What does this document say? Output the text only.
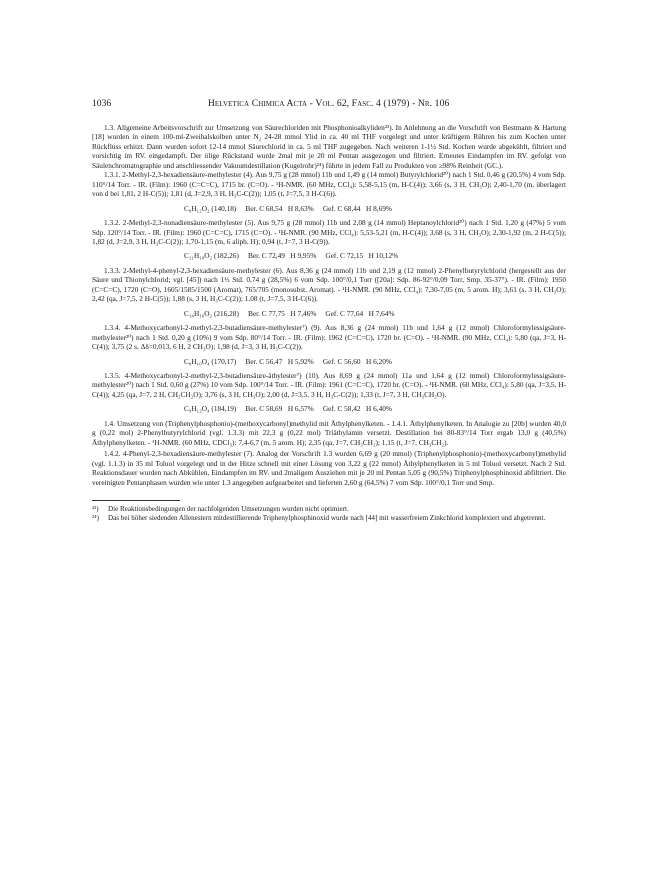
1036	Helvetica Chimica Acta - Vol. 62, Fasc. 4 (1979) - Nr. 106

1.3. Allgemeine Arbeitsvorschrift zur Umsetzung von Säurechloriden mit Phosphonioalkyliden²³). In Anlehnung an die Vorschrift von Bestmann & Hartung [18] wurden in einem 100-ml-Zweihalskolben unter N₂ 24-28 mmol Ylid in ca. 40 ml THF vorgelegt und unter kräftigem Rühren bis zum Kochen unter Rückfluss erhitzt. Dann wurden sofort 12-14 mmol Säurechlorid in ca. 5 ml THF zugegeben. Nach weiteren 1-1½ Std. Kochen wurde abgekühlt, filtriert und vorsichtig im RV. eingedampft. Der ölige Rückstand wurde 2mal mit je 20 ml Pentan ausgezogen und filtriert. Erneutes Eindampfen im RV. gefolgt von Säulenchromatographie und anschliessender Vakuumdestillation (Kugelrohr)²⁴) führte in jedem Fall zu Produkten von ≥98% Reinheit (GC.).

1.3.1. 2-Methyl-2,3-hexadiensäure-methylester (4). Aus 9,75 g (28 mmol) 11b und 1,49 g (14 mmol) Butyrylchlorid²⁰) nach 1 Std. 0,46 g (20,5%) 4 vom Sdp. 110°/14 Torr. - IR. (Film): 1960 (C=C=C), 1715 br. (C=O). - ¹H-NMR. (60 MHz, CCl₄): 5,58-5,15 (m, H-C(4)); 3,66 (s, 3 H, CH₃O); 2,40-1,70 (m, überlagert von d bei 1,81, 2 H-C(5)); 1,81 (d, J=2,9, 3 H, H₃C-C(2)); 1,05 (t, J=7,5, 3 H-C(6)).

C₈H₁₂O₂ (140,18)     Ber. C 68,54   H 8,63%     Gef. C 68,44   H 8,69%

1.3.2. 2-Methyl-2,3-nonadiensäure-methylester (5). Aus 9,75 g (28 mmol) 11b und 2,08 g (14 mmol) Heptanoylchlorid²⁰) nach 1 Std. 1,20 g (47%) 5 vom Sdp. 120°/14 Torr. - IR. (Film): 1960 (C=C=C), 1715 (C=O). - ¹H-NMR. (90 MHz, CCl₄): 5,53-5,21 (m, H-C(4)); 3,68 (s, 3 H, CH₃O); 2,30-1,92 (m, 2 H-C(5)); 1,82 (d, J=2,9, 3 H, H₃C-C(2)); 1,70-1,15 (m, 6 aliph. H); 0,94 (t, J=7, 3 H-C(9)).

C₁₁H₁₈O₂ (182,26)     Ber. C 72,49   H 9,95%     Gef. C 72,15   H 10,12%

1.3.3. 2-Methyl-4-phenyl-2,3-hexadiensäure-methylester (6). Aus 8,36 g (24 mmol) 11b und 2,19 g (12 mmol) 2-Phenylbutyrylchlorid (hergestellt aus der Säure und Thionylchlorid; vgl. [45]) nach 1½ Std. 0,74 g (28,5%) 6 vom Sdp. 100°/0,1 Torr ([20a]: Sdp. 86-92°/0,09 Torr, Smp. 35-37°). - IR. (Film): 1950 (C=C=C), 1720 (C=O), 1605/1585/1500 (Aromat), 765/705 (monosubst. Aromat). - ¹H-NMR. (90 MHz, CCl₄): 7,30-7,05 (m, 5 arom. H); 3,61 (s, 3 H, CH₃O); 2,42 (qa, J=7,5, 2 H-C(5)); 1,88 (s, 3 H, H₃C-C(2)); 1,08 (t, J=7,5, 3 H-C(6)).

C₁₄H₁₆O₂ (216,28)     Ber. C 77,75   H 7,46%     Gef. C 77,64   H 7,64%

1.3.4. 4-Methoxycarbonyl-2-methyl-2,3-butadiensäure-methylester⁷) (9). Aus 8,36 g (24 mmol) 11b und 1,64 g (12 mmol) Chloroformylessigsäure-methylester²⁰) nach 1 Std. 0,20 g (10%) 9 vom Sdp. 80°/14 Torr. - IR. (Film): 1962 (C=C=C), 1720 br. (C=O). - ¹H-NMR. (90 MHz, CCl₄): 5,80 (qa, J=3, H-C(4)); 3,75 (2 s, Δδ=0,013, 6 H, 2 CH₃O); 1,98 (d, J=3, 3 H, H₃C-C(2)).

C₈H₁₀O₄ (170,17)     Ber. C 56,47   H 5,92%     Gef. C 56,60   H 6,20%

1.3.5. 4-Methoxycarbonyl-2-methyl-2,3-butadiensäure-äthylester⁷) (10). Aus 8,69 g (24 mmol) 11a und 1,64 g (12 mmol) Chloroformylessigsäure-methylester²⁰) nach 1 Std. 0,60 g (27%) 10 vom Sdp. 100°/14 Torr. - IR. (Film): 1961 (C=C=C), 1720 br. (C=O). - ¹H-NMR. (60 MHz, CCl₄): 5,80 (qa, J=3,5, H-C(4)); 4,25 (qa, J=7, 2 H, CH₃CH₂O); 3,76 (s, 3 H, CH₃O); 2,00 (d, J=3,5, 3 H, H₃C-C(2)); 1,33 (t, J=7, 3 H, CH₃CH₂O).

C₉H₁₂O₄ (184,19)     Ber. C 58,69   H 6,57%     Gef. C 58,42   H 6,40%

1.4. Umsetzung von (Triphenylphosphonio)-(methoxycarbonyl)methylid mit Äthylphenylketen. - 1.4.1. Äthylphenylketen. In Analogie zu [20b] wurden 40,0 g (0,22 mol) 2-Phenylbutyrylchlorid (vgl. 1.3.3) mit 22,3 g (0,22 mol) Triäthylamin versetzt. Destillation bei 80-83°/14 Torr ergab 13,0 g (40,5%) Äthylphenylketen. - ¹H-NMR. (60 MHz, CDCl₃): 7,4-6,7 (m, 5 arom. H); 2,35 (qa, J=7, CH₃CH₂); 1,15 (t, J=7, CH₃CH₂).

1.4.2. 4-Phenyl-2,3-hexadiensäure-methylester (7). Analog der Vorschrift 1.3 wurden 6,69 g (20 mmol) (Triphenylphosphonio)-(methoxycarbonyl)methylid (vgl. 1.1.3) in 35 ml Toluol vorgelegt und in der Hitze schnell mit einer Lösung von 3,22 g (22 mmol) Äthylphenylketen in 5 ml Toluol versetzt. Nach 2 Std. Reaktionsdauer wurden nach Abkühlen, Eindampfen im RV. und 2maligem Ausziehen mit je 20 ml Pentan 5,05 g (90,5%) Triphenylphosphinoxid abfiltriert. Die vereinigten Pentanphasen wurden wie unter 1.3 angegeben aufgearbeitet und lieferten 2,60 g (64,5%) 7 vom Sdp. 100°/0,1 Torr und Smp.

²³)	Die Reaktionsbedingungen der nachfolgenden Umsetzungen wurden nicht optimiert.
²⁴)	Das bei höher siedenden Allenestern mitdestillierende Triphenylphosphinoxid wurde nach [44] mit wasserfreiem Zinkchlorid komplexiert und abgetrennt.
